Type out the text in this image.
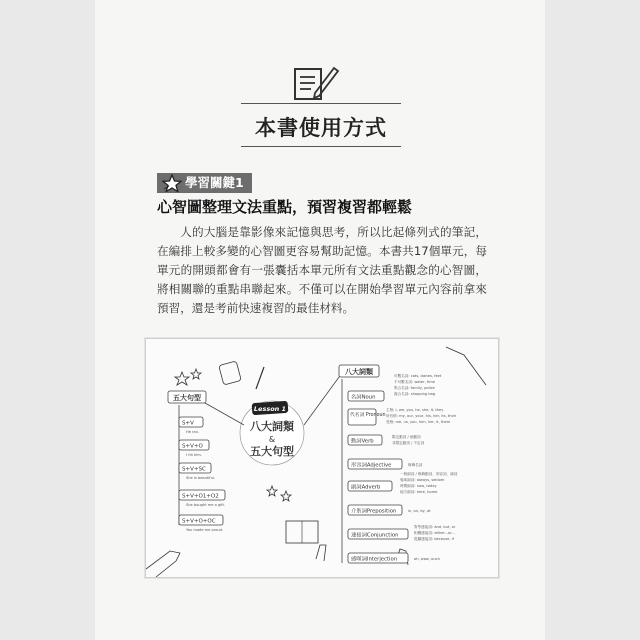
本書使用方式
學習關鍵1
心智圖整理文法重點，預習複習都輕鬆
人的大腦是靠影像來記憶與思考，所以比起條列式的筆記，在編排上較多變的心智圖更容易幫助記憶。本書共17個單元，每單元的開頭都會有一張囊括本單元所有文法重點觀念的心智圖，將相關聯的重點串聯起來。不僅可以在開始學習單元內容前拿來預習，還是考前快速複習的最佳材料。
Lesson 1
八大詞類
&
五大句型
五大句型
S+V
He ran.
S+V+O
I hit him.
S+V+SC
She is beautiful.
S+V+O1+O2
She bought me a gift.
S+V+O+OC
You made me proud.
八大詞類
名詞Noun
可數名詞: cats, lashes, feet
不可數名詞: water, time
集合名詞: family, police
複合名詞: shopping bag
代名詞 Pronoun
主格: I, we, you, he, she, it, they
所有格: my, our, your, his, her, its, their
受格: me, us, you, him, her, it, them
動詞Verb
限定動詞 / 助動詞
非限定動詞 / 不定詞
形容詞Adjective	修飾名詞
副詞Adverb
一般副詞 / 修飾動詞、形容詞、副詞
頻率副詞: always, seldom
時間副詞: now, today
地方副詞: here, home
介系詞Preposition	in, on, by, at
連接詞Conjunction
對等連接詞: and, but, or
相關連接詞: either...or...
從屬連接詞: because, if
感嘆詞Interjection	oh, wow, ouch
